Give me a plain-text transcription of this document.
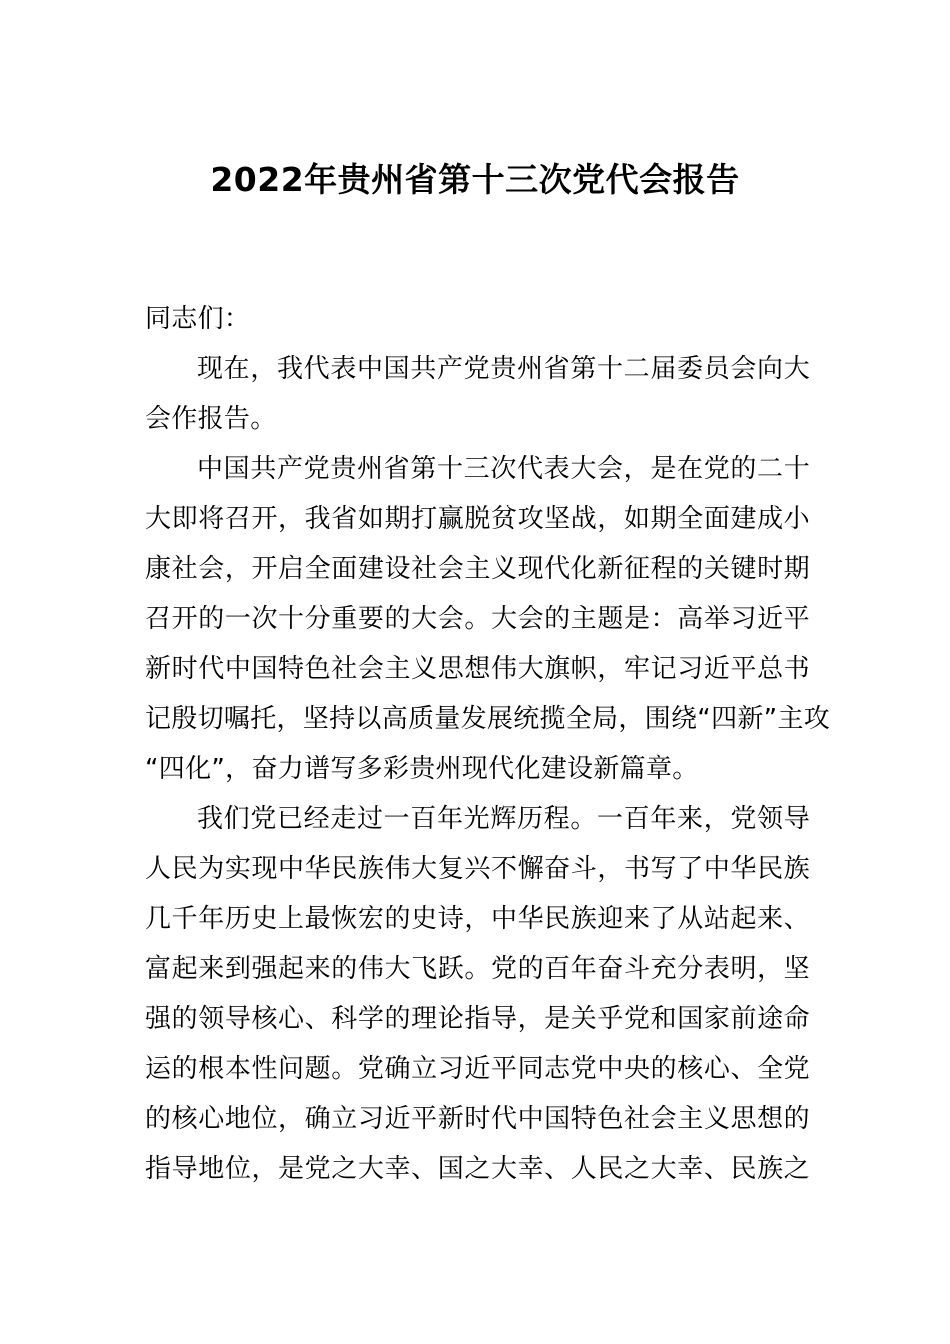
2022年贵州省第十三次党代会报告
同志们：
现在，我代表中国共产党贵州省第十二届委员会向大
会作报告。
中国共产党贵州省第十三次代表大会，是在党的二十
大即将召开，我省如期打赢脱贫攻坚战，如期全面建成小
康社会，开启全面建设社会主义现代化新征程的关键时期
召开的一次十分重要的大会。大会的主题是：高举习近平
新时代中国特色社会主义思想伟大旗帜，牢记习近平总书
记殷切嘱托，坚持以高质量发展统揽全局，围绕“四新”主攻
“四化”，奋力谱写多彩贵州现代化建设新篇章。
我们党已经走过一百年光辉历程。一百年来，党领导
人民为实现中华民族伟大复兴不懈奋斗，书写了中华民族
几千年历史上最恢宏的史诗，中华民族迎来了从站起来、
富起来到强起来的伟大飞跃。党的百年奋斗充分表明，坚
强的领导核心、科学的理论指导，是关乎党和国家前途命
运的根本性问题。党确立习近平同志党中央的核心、全党
的核心地位，确立习近平新时代中国特色社会主义思想的
指导地位，是党之大幸、国之大幸、人民之大幸、民族之
